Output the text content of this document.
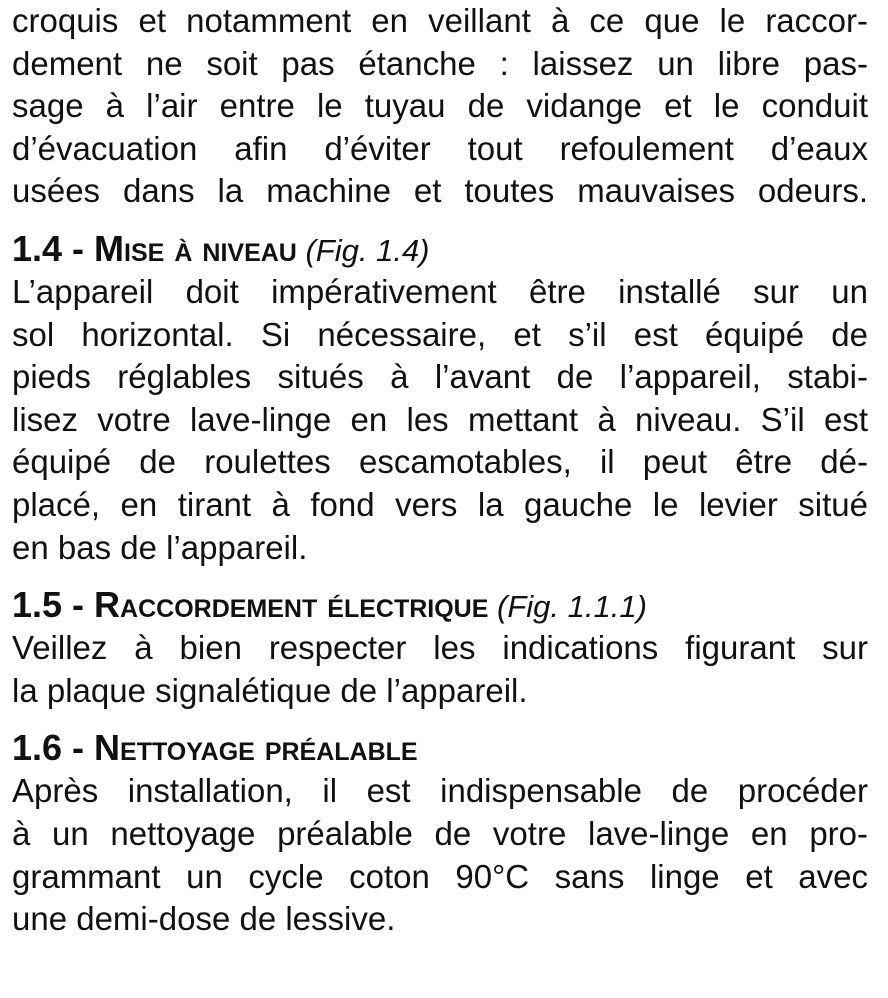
croquis et notamment en veillant à ce que le raccor-
dement ne soit pas étanche : laissez un libre pas-
sage à l’air entre le tuyau de vidange et le conduit
d’évacuation afin d’éviter tout refoulement d’eaux
usées dans la machine et toutes mauvaises odeurs.
1.4 - Mise à niveau (Fig. 1.4)
L’appareil doit impérativement être installé sur un
sol horizontal. Si nécessaire, et s’il est équipé de
pieds réglables situés à l’avant de l’appareil, stabi-
lisez votre lave-linge en les mettant à niveau. S’il est
équipé de roulettes escamotables, il peut être dé-
placé, en tirant à fond vers la gauche le levier situé
en bas de l’appareil.
1.5 - Raccordement électrique (Fig. 1.1.1)
Veillez à bien respecter les indications figurant sur
la plaque signalétique de l’appareil.
1.6 - Nettoyage préalable
Après installation, il est indispensable de procéder
à un nettoyage préalable de votre lave-linge en pro-
grammant un cycle coton 90°C sans linge et avec
une demi-dose de lessive.
